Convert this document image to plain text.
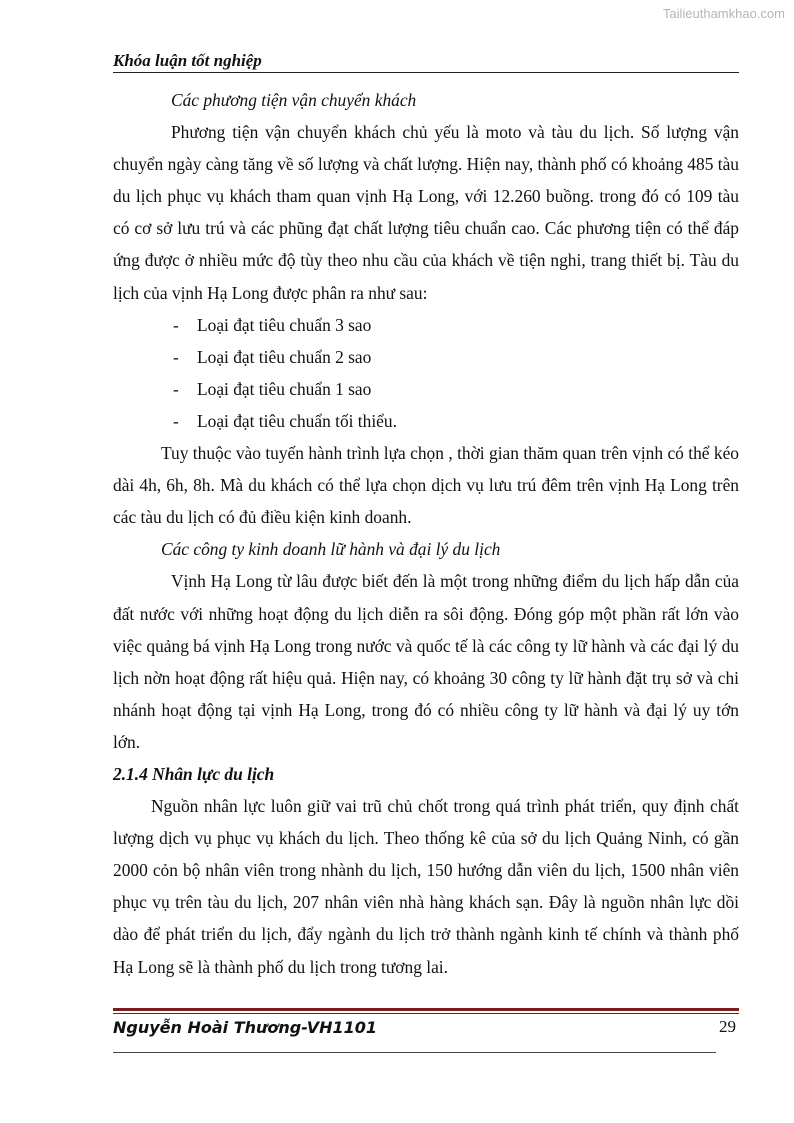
Tailieuthamkhao.com
Khóa luận tốt nghiệp

Các phương tiện vận chuyển khách

Phương tiện vận chuyển khách chủ yếu là moto và tàu du lịch. Số lượng vận chuyển ngày càng tăng về số lượng và chất lượng. Hiện nay, thành phố có khoảng 485 tàu du lịch phục vụ khách tham quan vịnh Hạ Long, với 12.260 buồng. trong đó có 109 tàu có cơ sở lưu trú và các phũng đạt chất lượng tiêu chuẩn cao. Các phương tiện có thể đáp ứng được ở nhiều mức độ tùy theo nhu cầu của khách về tiện nghi, trang thiết bị. Tàu du lịch của vịnh Hạ Long được phân ra như sau:

- Loại đạt tiêu chuẩn 3 sao
- Loại đạt tiêu chuẩn 2 sao
- Loại đạt tiêu chuẩn 1 sao
- Loại đạt tiêu chuẩn tối thiểu.

Tuy thuộc vào tuyến hành trình lựa chọn , thời gian thăm quan trên vịnh có thể kéo dài 4h, 6h, 8h. Mà du khách có thể lựa chọn dịch vụ lưu trú đêm trên vịnh Hạ Long trên các tàu du lịch có đủ điều kiện kinh doanh.

Các công ty kinh doanh lữ hành và đại lý du lịch

Vịnh Hạ Long từ lâu được biết đến là một trong những điểm du lịch hấp dẫn của đất nước với những hoạt động du lịch diễn ra sôi động. Đóng góp một phần rất lớn vào việc quảng bá vịnh Hạ Long trong nước và quốc tế là các công ty lữ hành và các đại lý du lịch nờn hoạt động rất hiệu quả. Hiện nay, có khoảng 30 công ty lữ hành đặt trụ sở và chi nhánh hoạt động tại vịnh Hạ Long, trong đó có nhiều công ty lữ hành và đại lý uy tớn lớn.

2.1.4 Nhân lực du lịch

Nguồn nhân lực luôn giữ vai trũ chủ chốt trong quá trình phát triển, quy định chất lượng dịch vụ phục vụ khách du lịch. Theo thống kê của sở du lịch Quảng Ninh, có gần 2000 cỏn bộ nhân viên trong nhành du lịch, 150 hướng dẫn viên du lịch, 1500 nhân viên phục vụ trên tàu du lịch, 207 nhân viên nhà hàng khách sạn. Đây là nguồn nhân lực dồi dào để phát triển du lịch, đẩy ngành du lịch trở thành ngành kinh tế chính và thành phố Hạ Long sẽ là thành phố du lịch trong tương lai.

Nguyễn Hoài Thương-VH1101	29
